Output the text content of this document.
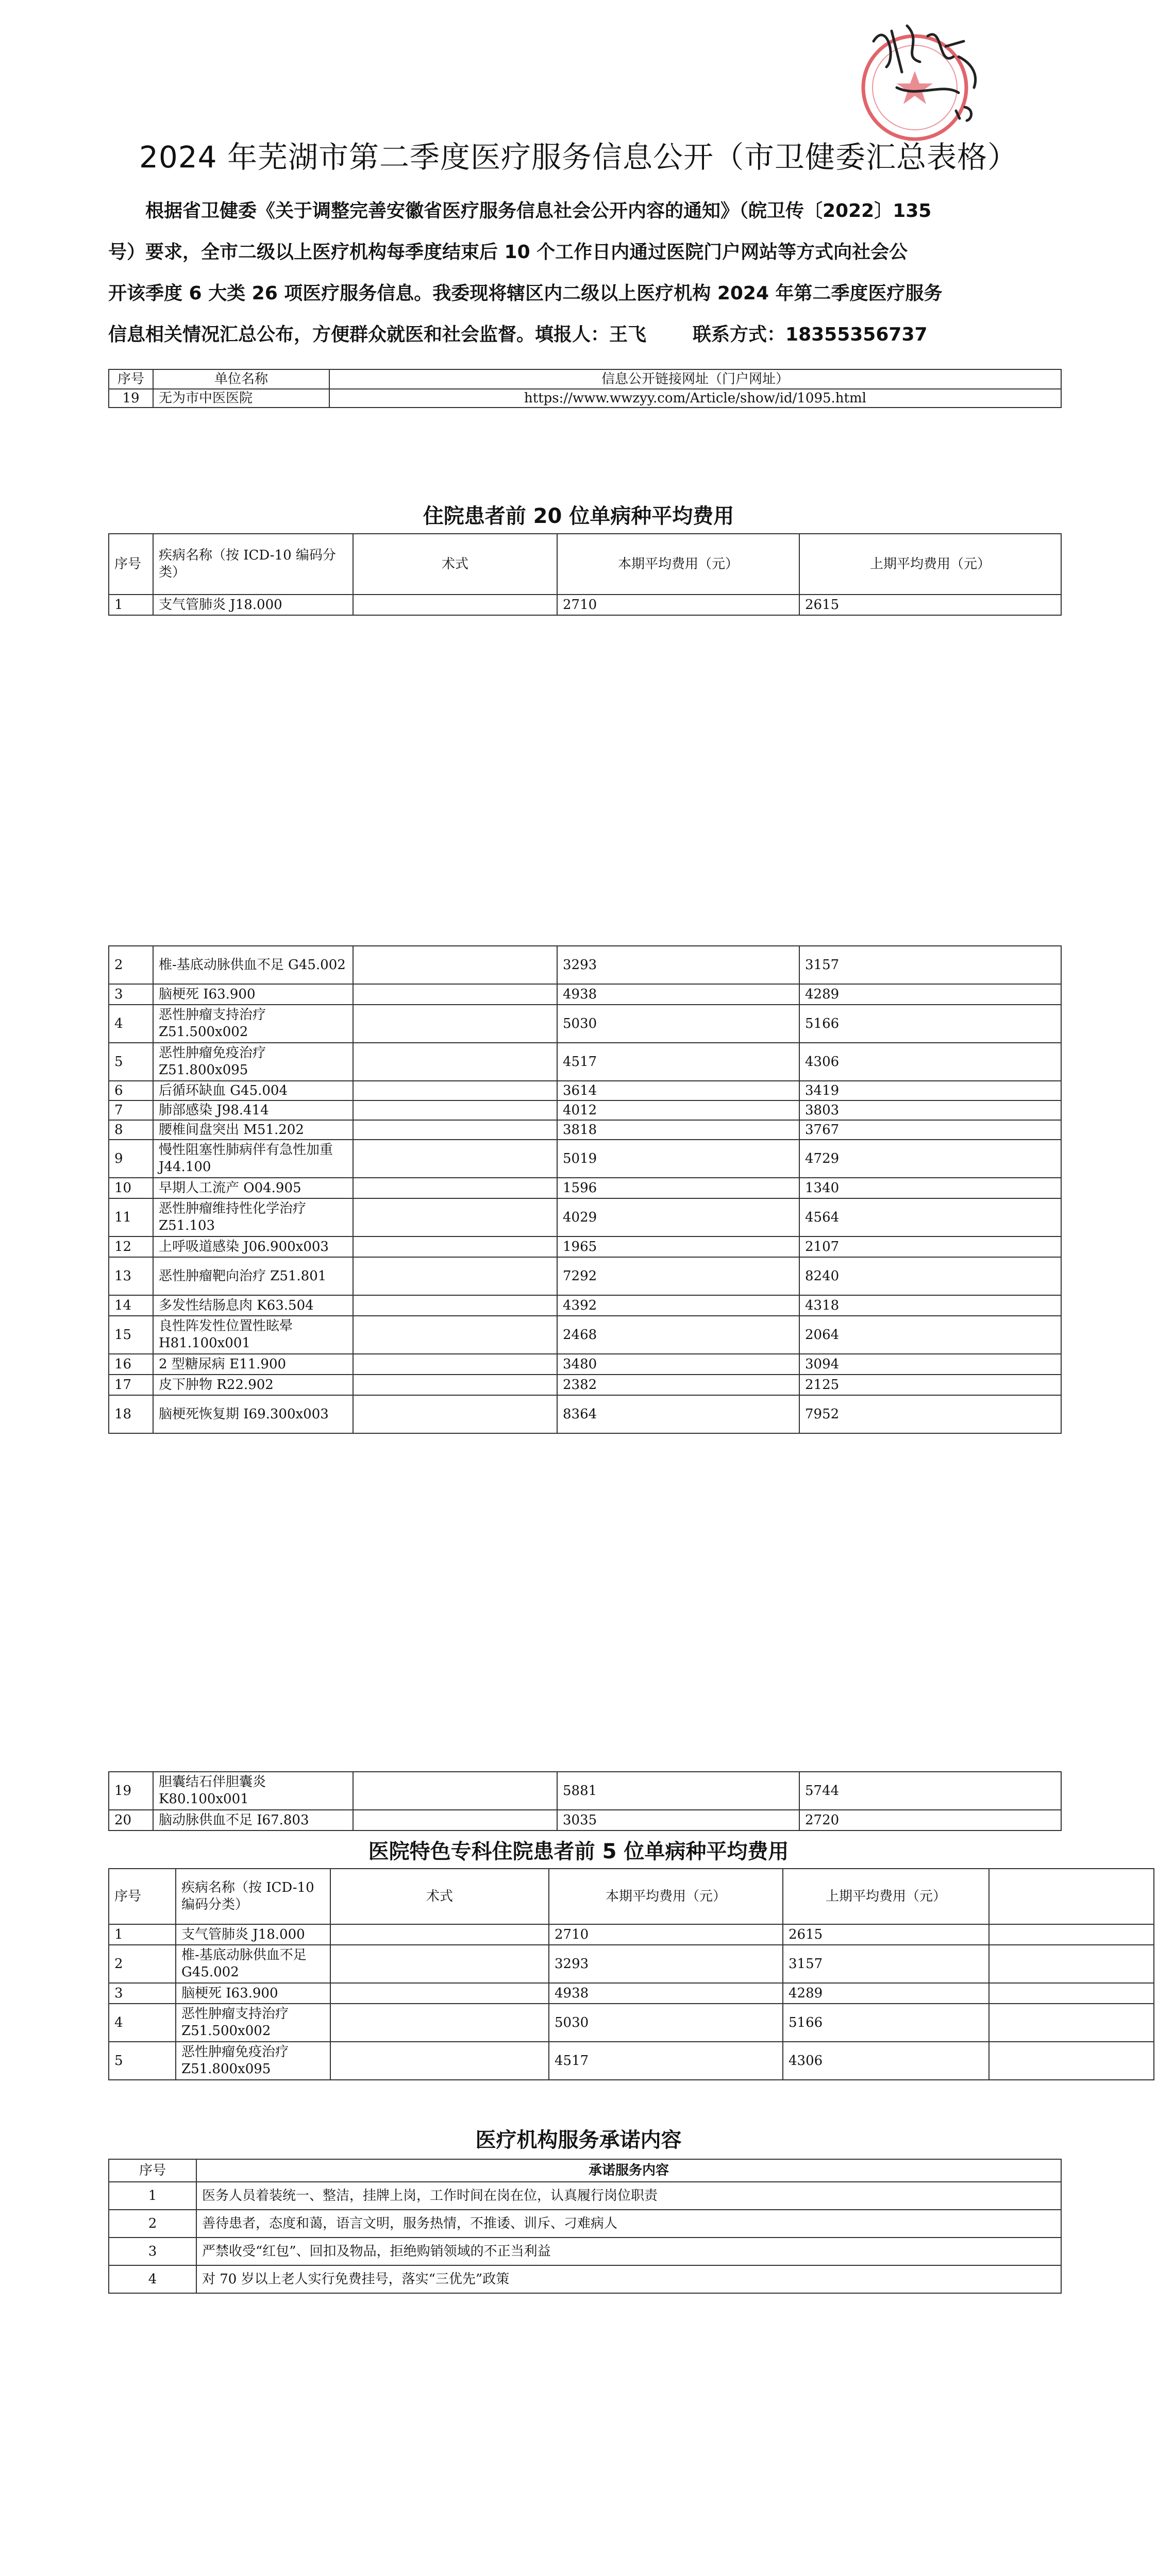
2024 年芜湖市第二季度医疗服务信息公开（市卫健委汇总表格）
根据省卫健委《关于调整完善安徽省医疗服务信息社会公开内容的通知》（皖卫传〔2022〕135
号）要求，全市二级以上医疗机构每季度结束后 10 个工作日内通过医院门户网站等方式向社会公
开该季度 6 大类 26 项医疗服务信息。我委现将辖区内二级以上医疗机构 2024 年第二季度医疗服务
信息相关情况汇总公布，方便群众就医和社会监督。填报人：王飞	联系方式：18355356737
序号	单位名称	信息公开链接网址（门户网址）
19	无为市中医医院	https://www.wwzyy.com/Article/show/id/1095.html
住院患者前 20 位单病种平均费用
序号	疾病名称（按 ICD-10 编码分类）	术式	本期平均费用（元）	上期平均费用（元）
1	支气管肺炎 J18.000		2710	2615
2	椎-基底动脉供血不足 G45.002		3293	3157
3	脑梗死 I63.900		4938	4289
4	恶性肿瘤支持治疗 Z51.500x002		5030	5166
5	恶性肿瘤免疫治疗 Z51.800x095		4517	4306
6	后循环缺血 G45.004		3614	3419
7	肺部感染 J98.414		4012	3803
8	腰椎间盘突出 M51.202		3818	3767
9	慢性阻塞性肺病伴有急性加重 J44.100		5019	4729
10	早期人工流产 O04.905		1596	1340
11	恶性肿瘤维持性化学治疗 Z51.103		4029	4564
12	上呼吸道感染 J06.900x003		1965	2107
13	恶性肿瘤靶向治疗 Z51.801		7292	8240
14	多发性结肠息肉 K63.504		4392	4318
15	良性阵发性位置性眩晕 H81.100x001		2468	2064
16	2 型糖尿病 E11.900		3480	3094
17	皮下肿物 R22.902		2382	2125
18	脑梗死恢复期 I69.300x003		8364	7952
19	胆囊结石伴胆囊炎 K80.100x001		5881	5744
20	脑动脉供血不足 I67.803		3035	2720
医院特色专科住院患者前 5 位单病种平均费用
序号	疾病名称（按 ICD-10 编码分类）	术式	本期平均费用（元）	上期平均费用（元）	
1	支气管肺炎 J18.000		2710	2615	
2	椎-基底动脉供血不足 G45.002		3293	3157	
3	脑梗死 I63.900		4938	4289	
4	恶性肿瘤支持治疗 Z51.500x002		5030	5166	
5	恶性肿瘤免疫治疗 Z51.800x095		4517	4306	
医疗机构服务承诺内容
序号	承诺服务内容
1	医务人员着装统一、整洁，挂牌上岗，工作时间在岗在位，认真履行岗位职责
2	善待患者，态度和蔼，语言文明，服务热情，不推诿、训斥、刁难病人
3	严禁收受“红包”、回扣及物品，拒绝购销领域的不正当利益
4	对 70 岁以上老人实行免费挂号，落实“三优先”政策
